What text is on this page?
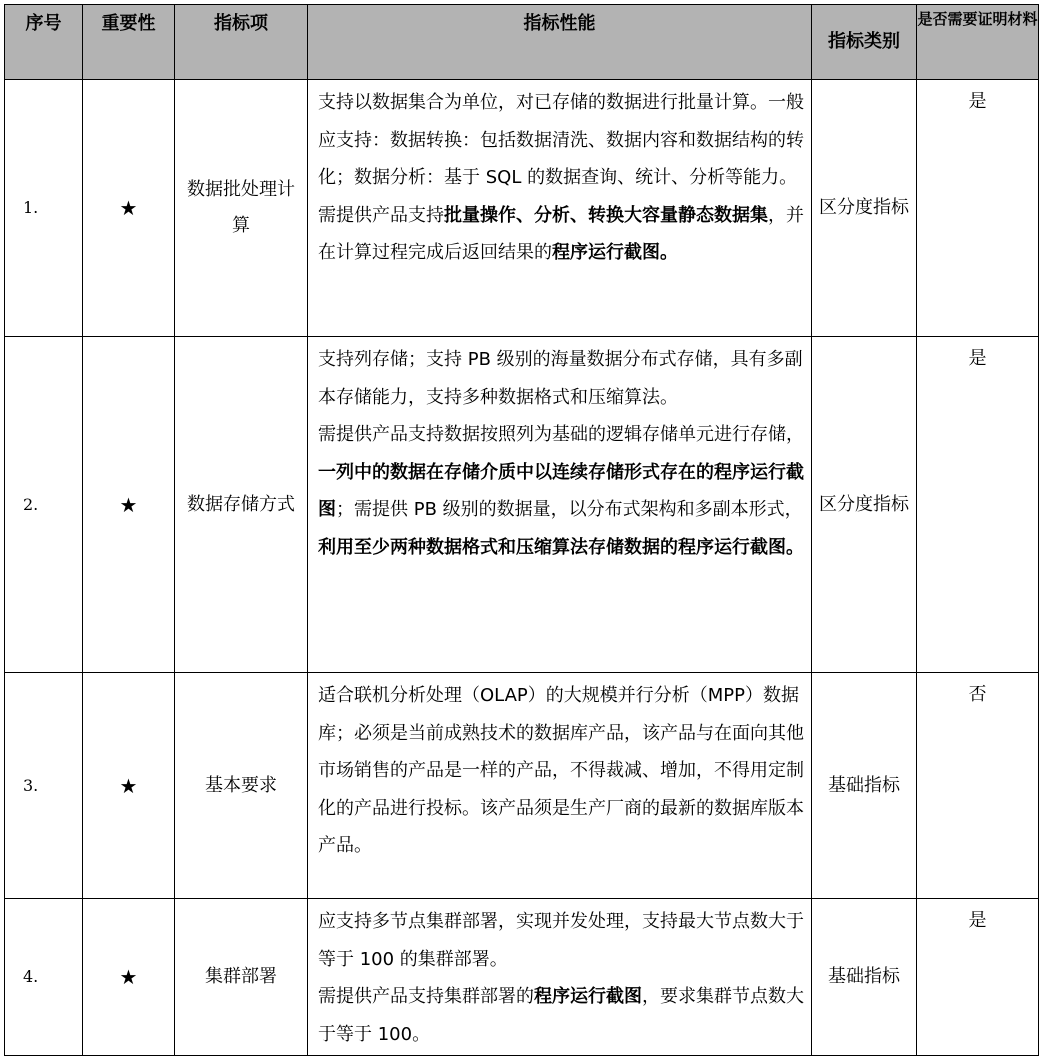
序号	重要性	指标项	指标性能	指标类别	是否需要证明材料
1.	★	数据批处理计算	支持以数据集合为单位，对已存储的数据进行批量计算。一般应支持：数据转换：包括数据清洗、数据内容和数据结构的转化；数据分析：基于 SQL 的数据查询、统计、分析等能力。

需提供产品支持批量操作、分析、转换大容量静态数据集，并在计算过程完成后返回结果的程序运行截图。	区分度指标	是
2.	★	数据存储方式	支持列存储；支持 PB 级别的海量数据分布式存储，具有多副本存储能力，支持多种数据格式和压缩算法。

需提供产品支持数据按照列为基础的逻辑存储单元进行存储，一列中的数据在存储介质中以连续存储形式存在的程序运行截图；需提供 PB 级别的数据量，以分布式架构和多副本形式，利用至少两种数据格式和压缩算法存储数据的程序运行截图。	区分度指标	是
3.	★	基本要求	适合联机分析处理（OLAP）的大规模并行分析（MPP）数据库；必须是当前成熟技术的数据库产品，该产品与在面向其他市场销售的产品是一样的产品，不得裁减、增加，不得用定制化的产品进行投标。该产品须是生产厂商的最新的数据库版本产品。	基础指标	否
4.	★	集群部署	应支持多节点集群部署，实现并发处理，支持最大节点数大于等于 100 的集群部署。

需提供产品支持集群部署的程序运行截图，要求集群节点数大于等于 100。	基础指标	是
